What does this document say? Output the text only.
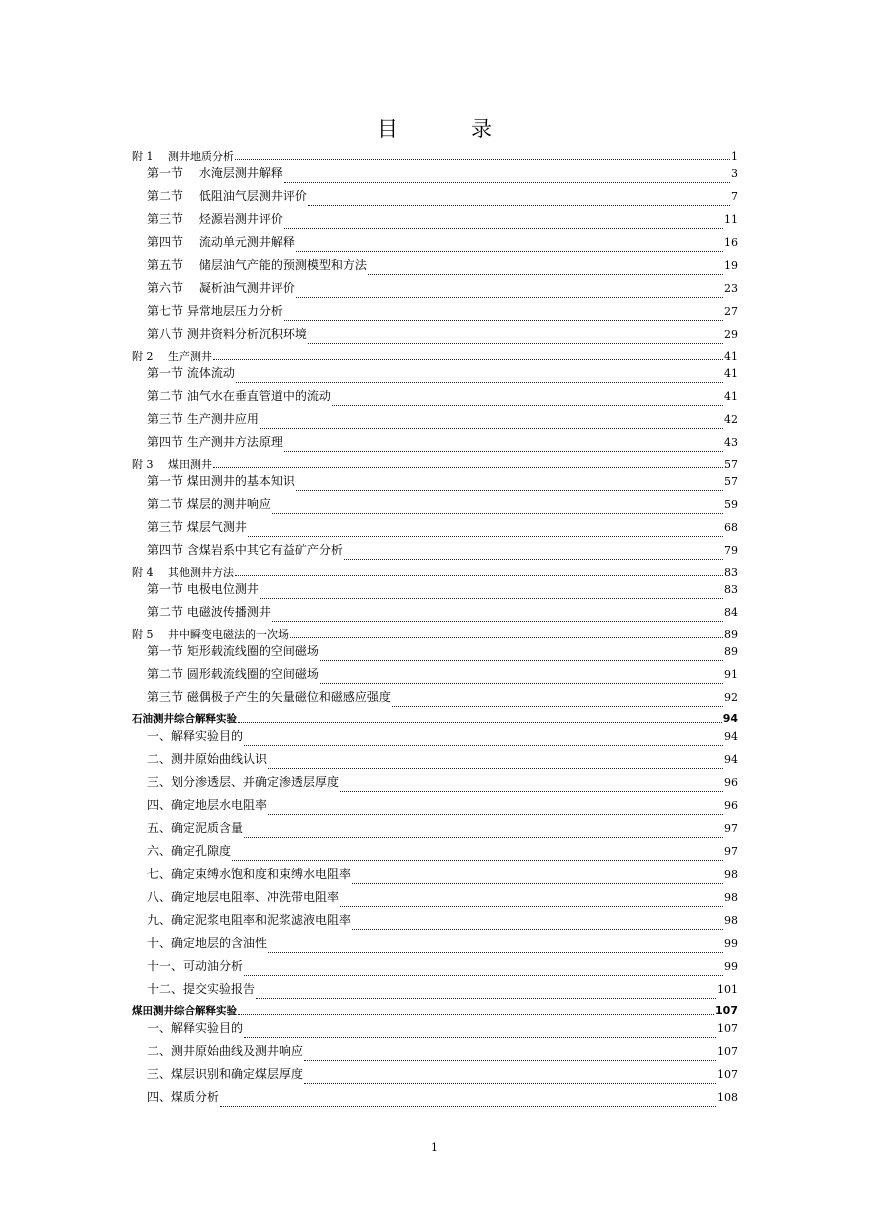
目　录
附 1　 测井地质分析	1
第一节　 水淹层测井解释	3
第二节　 低阻油气层测井评价	7
第三节　 烃源岩测井评价	11
第四节　 流动单元测井解释	16
第五节　 储层油气产能的预测模型和方法	19
第六节　 凝析油气测井评价	23
第七节 异常地层压力分析	27
第八节 测井资料分析沉积环境	29
附 2　 生产测井	41
第一节 流体流动	41
第二节 油气水在垂直管道中的流动	41
第三节 生产测井应用	42
第四节 生产测井方法原理	43
附 3　 煤田测井	57
第一节 煤田测井的基本知识	57
第二节 煤层的测井响应	59
第三节 煤层气测井	68
第四节 含煤岩系中其它有益矿产分析	79
附 4　 其他测井方法	83
第一节 电极电位测井	83
第二节 电磁波传播测井	84
附 5　 井中瞬变电磁法的一次场	89
第一节 矩形载流线圈的空间磁场	89
第二节 圆形载流线圈的空间磁场	91
第三节 磁偶极子产生的矢量磁位和磁感应强度	92
石油测井综合解释实验	94
一、解释实验目的	94
二、测井原始曲线认识	94
三、划分渗透层、并确定渗透层厚度	96
四、确定地层水电阻率	96
五、确定泥质含量	97
六、确定孔隙度	97
七、确定束缚水饱和度和束缚水电阻率	98
八、确定地层电阻率、冲洗带电阻率	98
九、确定泥浆电阻率和泥浆滤液电阻率	98
十、确定地层的含油性	99
十一、可动油分析	99
十二、提交实验报告	101
煤田测井综合解释实验	107
一、解释实验目的	107
二、测井原始曲线及测井响应	107
三、煤层识别和确定煤层厚度	107
四、煤质分析	108
1
